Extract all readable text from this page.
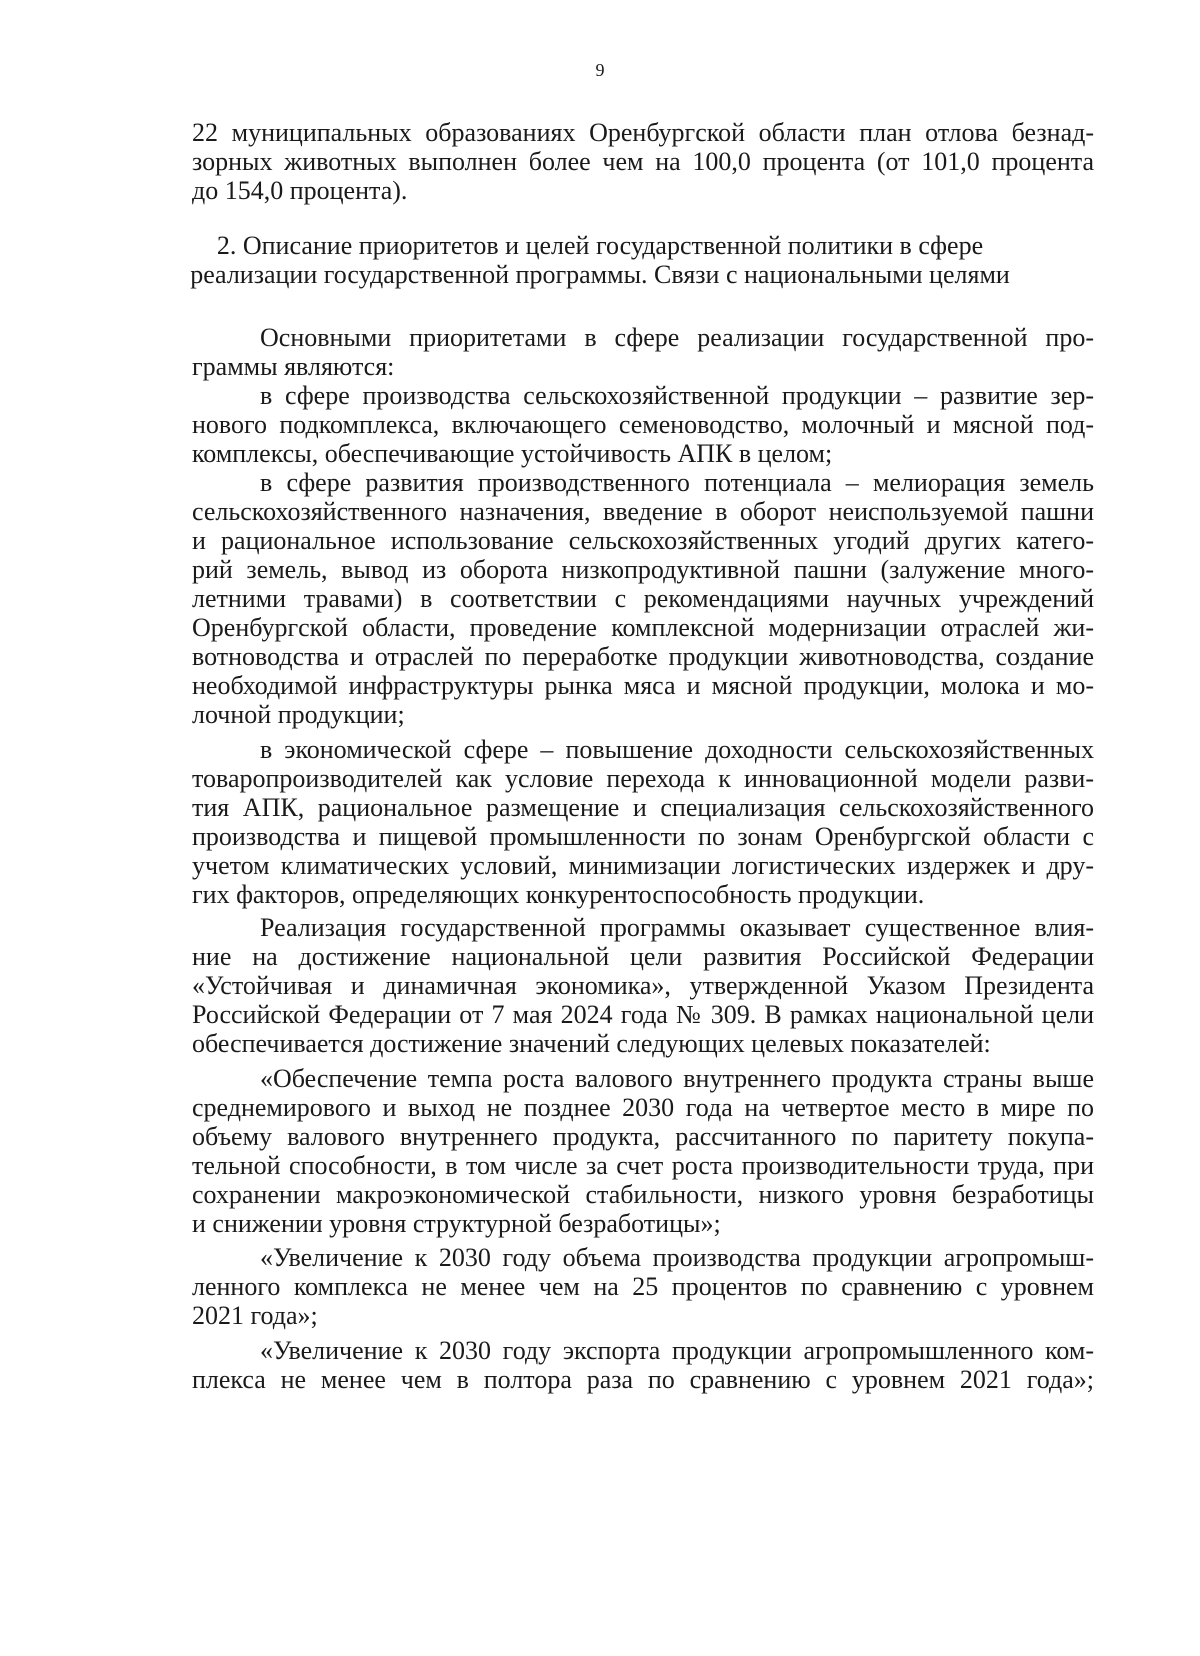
9
22 муниципальных образованиях Оренбургской области план отлова безнад-
зорных животных выполнен более чем на 100,0 процента (от 101,0 процента
до 154,0 процента).
2. Описание приоритетов и целей государственной политики в сфере
реализации государственной программы. Связи с национальными целями
Основными приоритетами в сфере реализации государственной про-
граммы являются:
в сфере производства сельскохозяйственной продукции – развитие зер-
нового подкомплекса, включающего семеноводство, молочный и мясной под-
комплексы, обеспечивающие устойчивость АПК в целом;
в сфере развития производственного потенциала – мелиорация земель
сельскохозяйственного назначения, введение в оборот неиспользуемой пашни
и рациональное использование сельскохозяйственных угодий других катего-
рий земель, вывод из оборота низкопродуктивной пашни (залужение много-
летними травами) в соответствии с рекомендациями научных учреждений
Оренбургской области, проведение комплексной модернизации отраслей жи-
вотноводства и отраслей по переработке продукции животноводства, создание
необходимой инфраструктуры рынка мяса и мясной продукции, молока и мо-
лочной продукции;
в экономической сфере – повышение доходности сельскохозяйственных
товаропроизводителей как условие перехода к инновационной модели разви-
тия АПК, рациональное размещение и специализация сельскохозяйственного
производства и пищевой промышленности по зонам Оренбургской области с
учетом климатических условий, минимизации логистических издержек и дру-
гих факторов, определяющих конкурентоспособность продукции.
Реализация государственной программы оказывает существенное влия-
ние на достижение национальной цели развития Российской Федерации
«Устойчивая и динамичная экономика», утвержденной Указом Президента
Российской Федерации от 7 мая 2024 года № 309. В рамках национальной цели
обеспечивается достижение значений следующих целевых показателей:
«Обеспечение темпа роста валового внутреннего продукта страны выше
среднемирового и выход не позднее 2030 года на четвертое место в мире по
объему валового внутреннего продукта, рассчитанного по паритету покупа-
тельной способности, в том числе за счет роста производительности труда, при
сохранении макроэкономической стабильности, низкого уровня безработицы
и снижении уровня структурной безработицы»;
«Увеличение к 2030 году объема производства продукции агропромыш-
ленного комплекса не менее чем на 25 процентов по сравнению с уровнем
2021 года»;
«Увеличение к 2030 году экспорта продукции агропромышленного ком-
плекса не менее чем в полтора раза по сравнению с уровнем 2021 года»;
